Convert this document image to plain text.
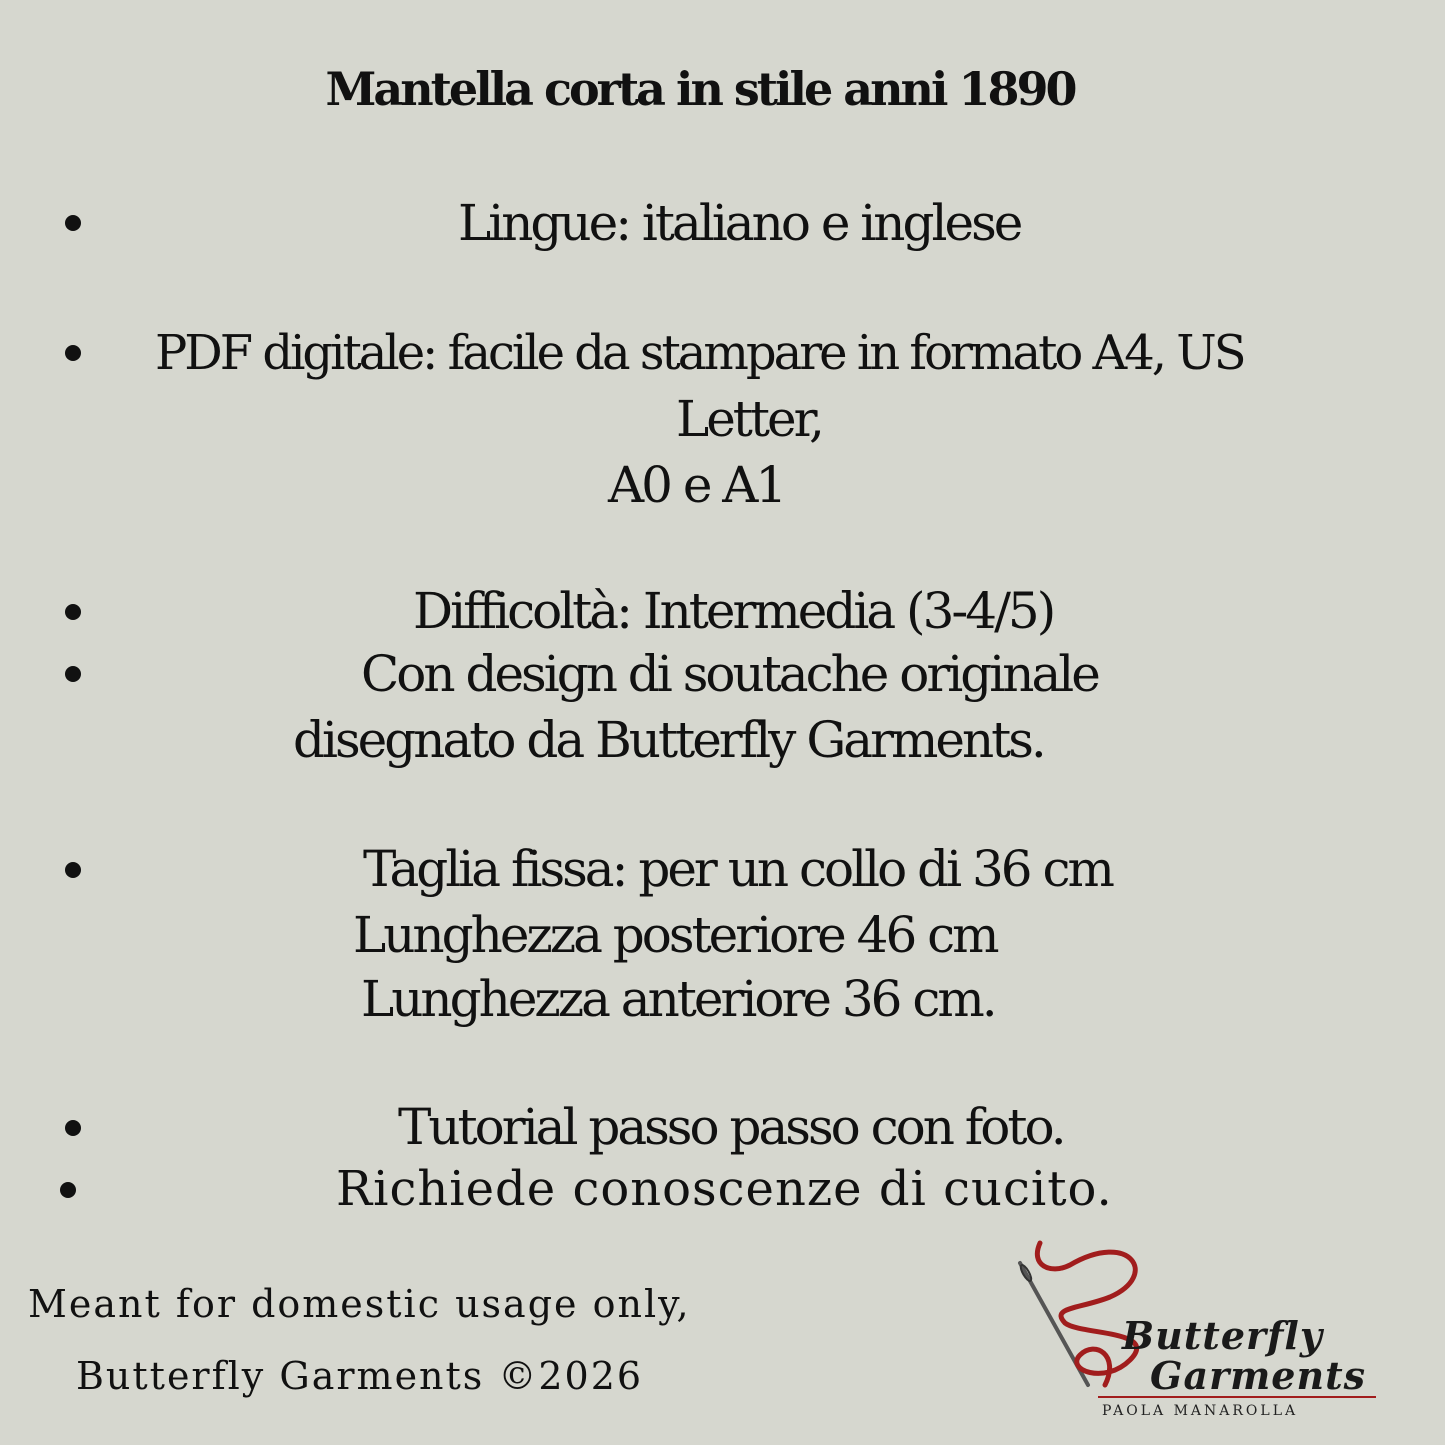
Mantella corta in stile anni 1890
Lingue: italiano e inglese
PDF digitale: facile da stampare in formato A4, US
Letter,
A0 e A1
Difficoltà: Intermedia (3-4/5)
Con design di soutache originale
disegnato da Butterfly Garments.
Taglia fissa: per un collo di 36 cm
Lunghezza posteriore 46 cm
Lunghezza anteriore 36 cm.
Tutorial passo passo con foto.
Richiede conoscenze di cucito.
Meant for domestic usage only,
Butterfly Garments ©2026
Butterfly
Garments
PAOLA MANAROLLA
